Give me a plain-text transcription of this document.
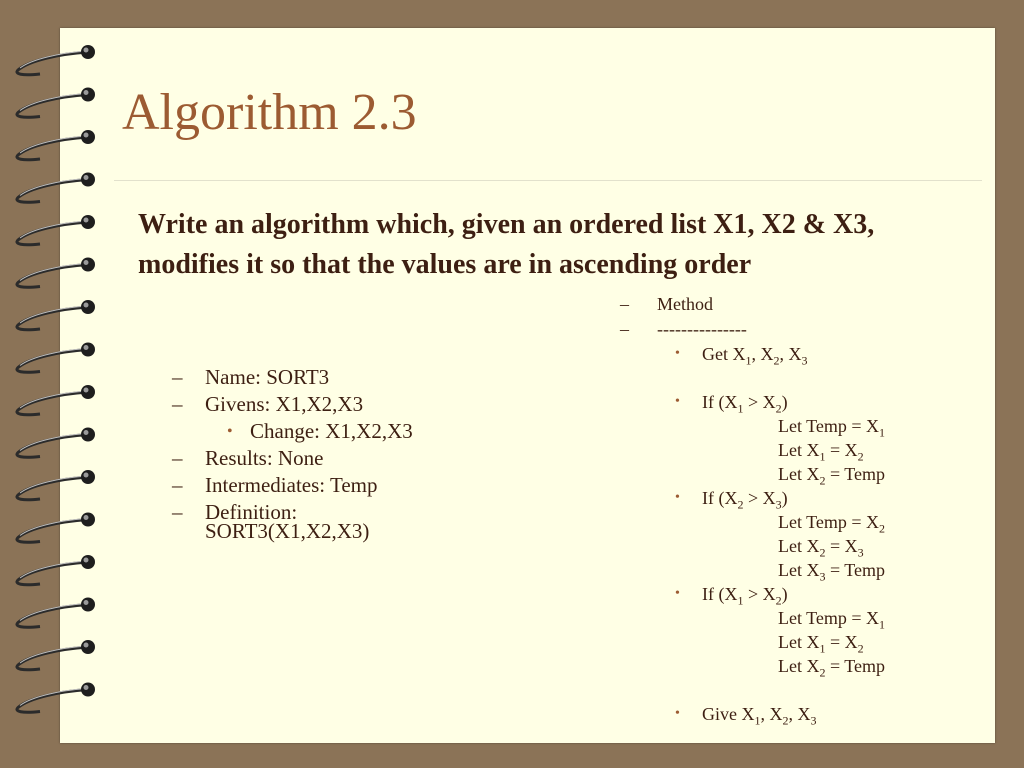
Algorithm 2.3
Write an algorithm which, given an ordered list X1, X2 & X3, modifies it so that the values are in ascending order
– Name: SORT3
– Givens: X1,X2,X3
• Change: X1,X2,X3
– Results: None
– Intermediates: Temp
– Definition:
SORT3(X1,X2,X3)
– Method
– ---------------
• Get $X_1$, $X_2$, $X_3$
• If $(X_1 > X_2)$
Let Temp = $X_1$
Let $X_1 = X_2$
Let $X_2$ = Temp
• If $(X_2 > X_3)$
Let Temp = $X_2$
Let $X_2 = X_3$
Let $X_3$ = Temp
• If $(X_1 > X_2)$
Let Temp = $X_1$
Let $X_1 = X_2$
Let $X_2$ = Temp
• Give $X_1$, $X_2$, $X_3$
